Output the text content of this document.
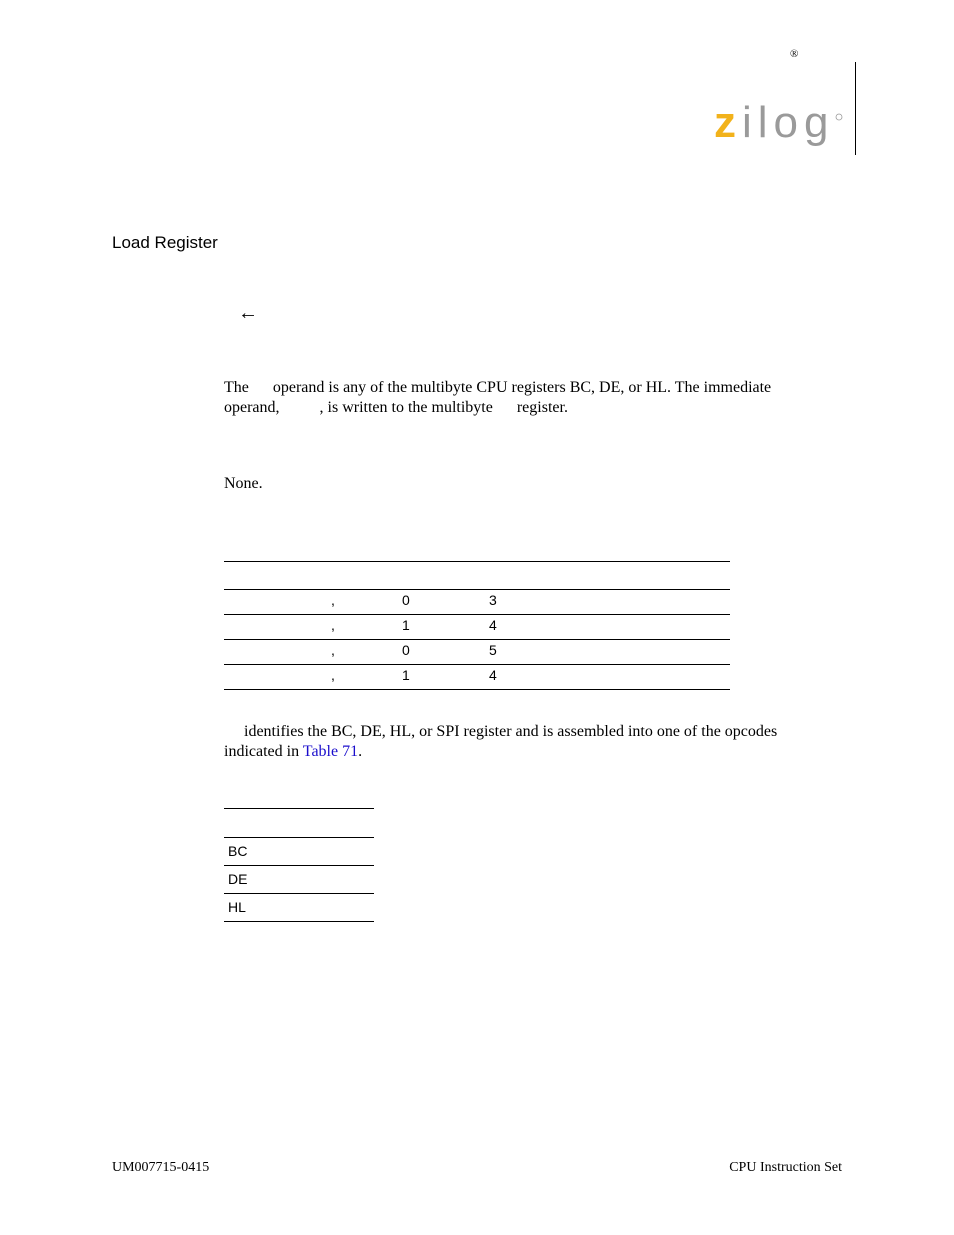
®
z ilog
Load Register
←
The      operand is any of the multibyte CPU registers BC, DE, or HL. The immediate
operand,          , is written to the multibyte      register.
None.
,	0	3
,	1	4
,	0	5
,	1	4
identifies the BC, DE, HL, or SPI register and is assembled into one of the opcodes
indicated in Table 71.
BC
DE
HL
UM007715-0415	CPU Instruction Set
